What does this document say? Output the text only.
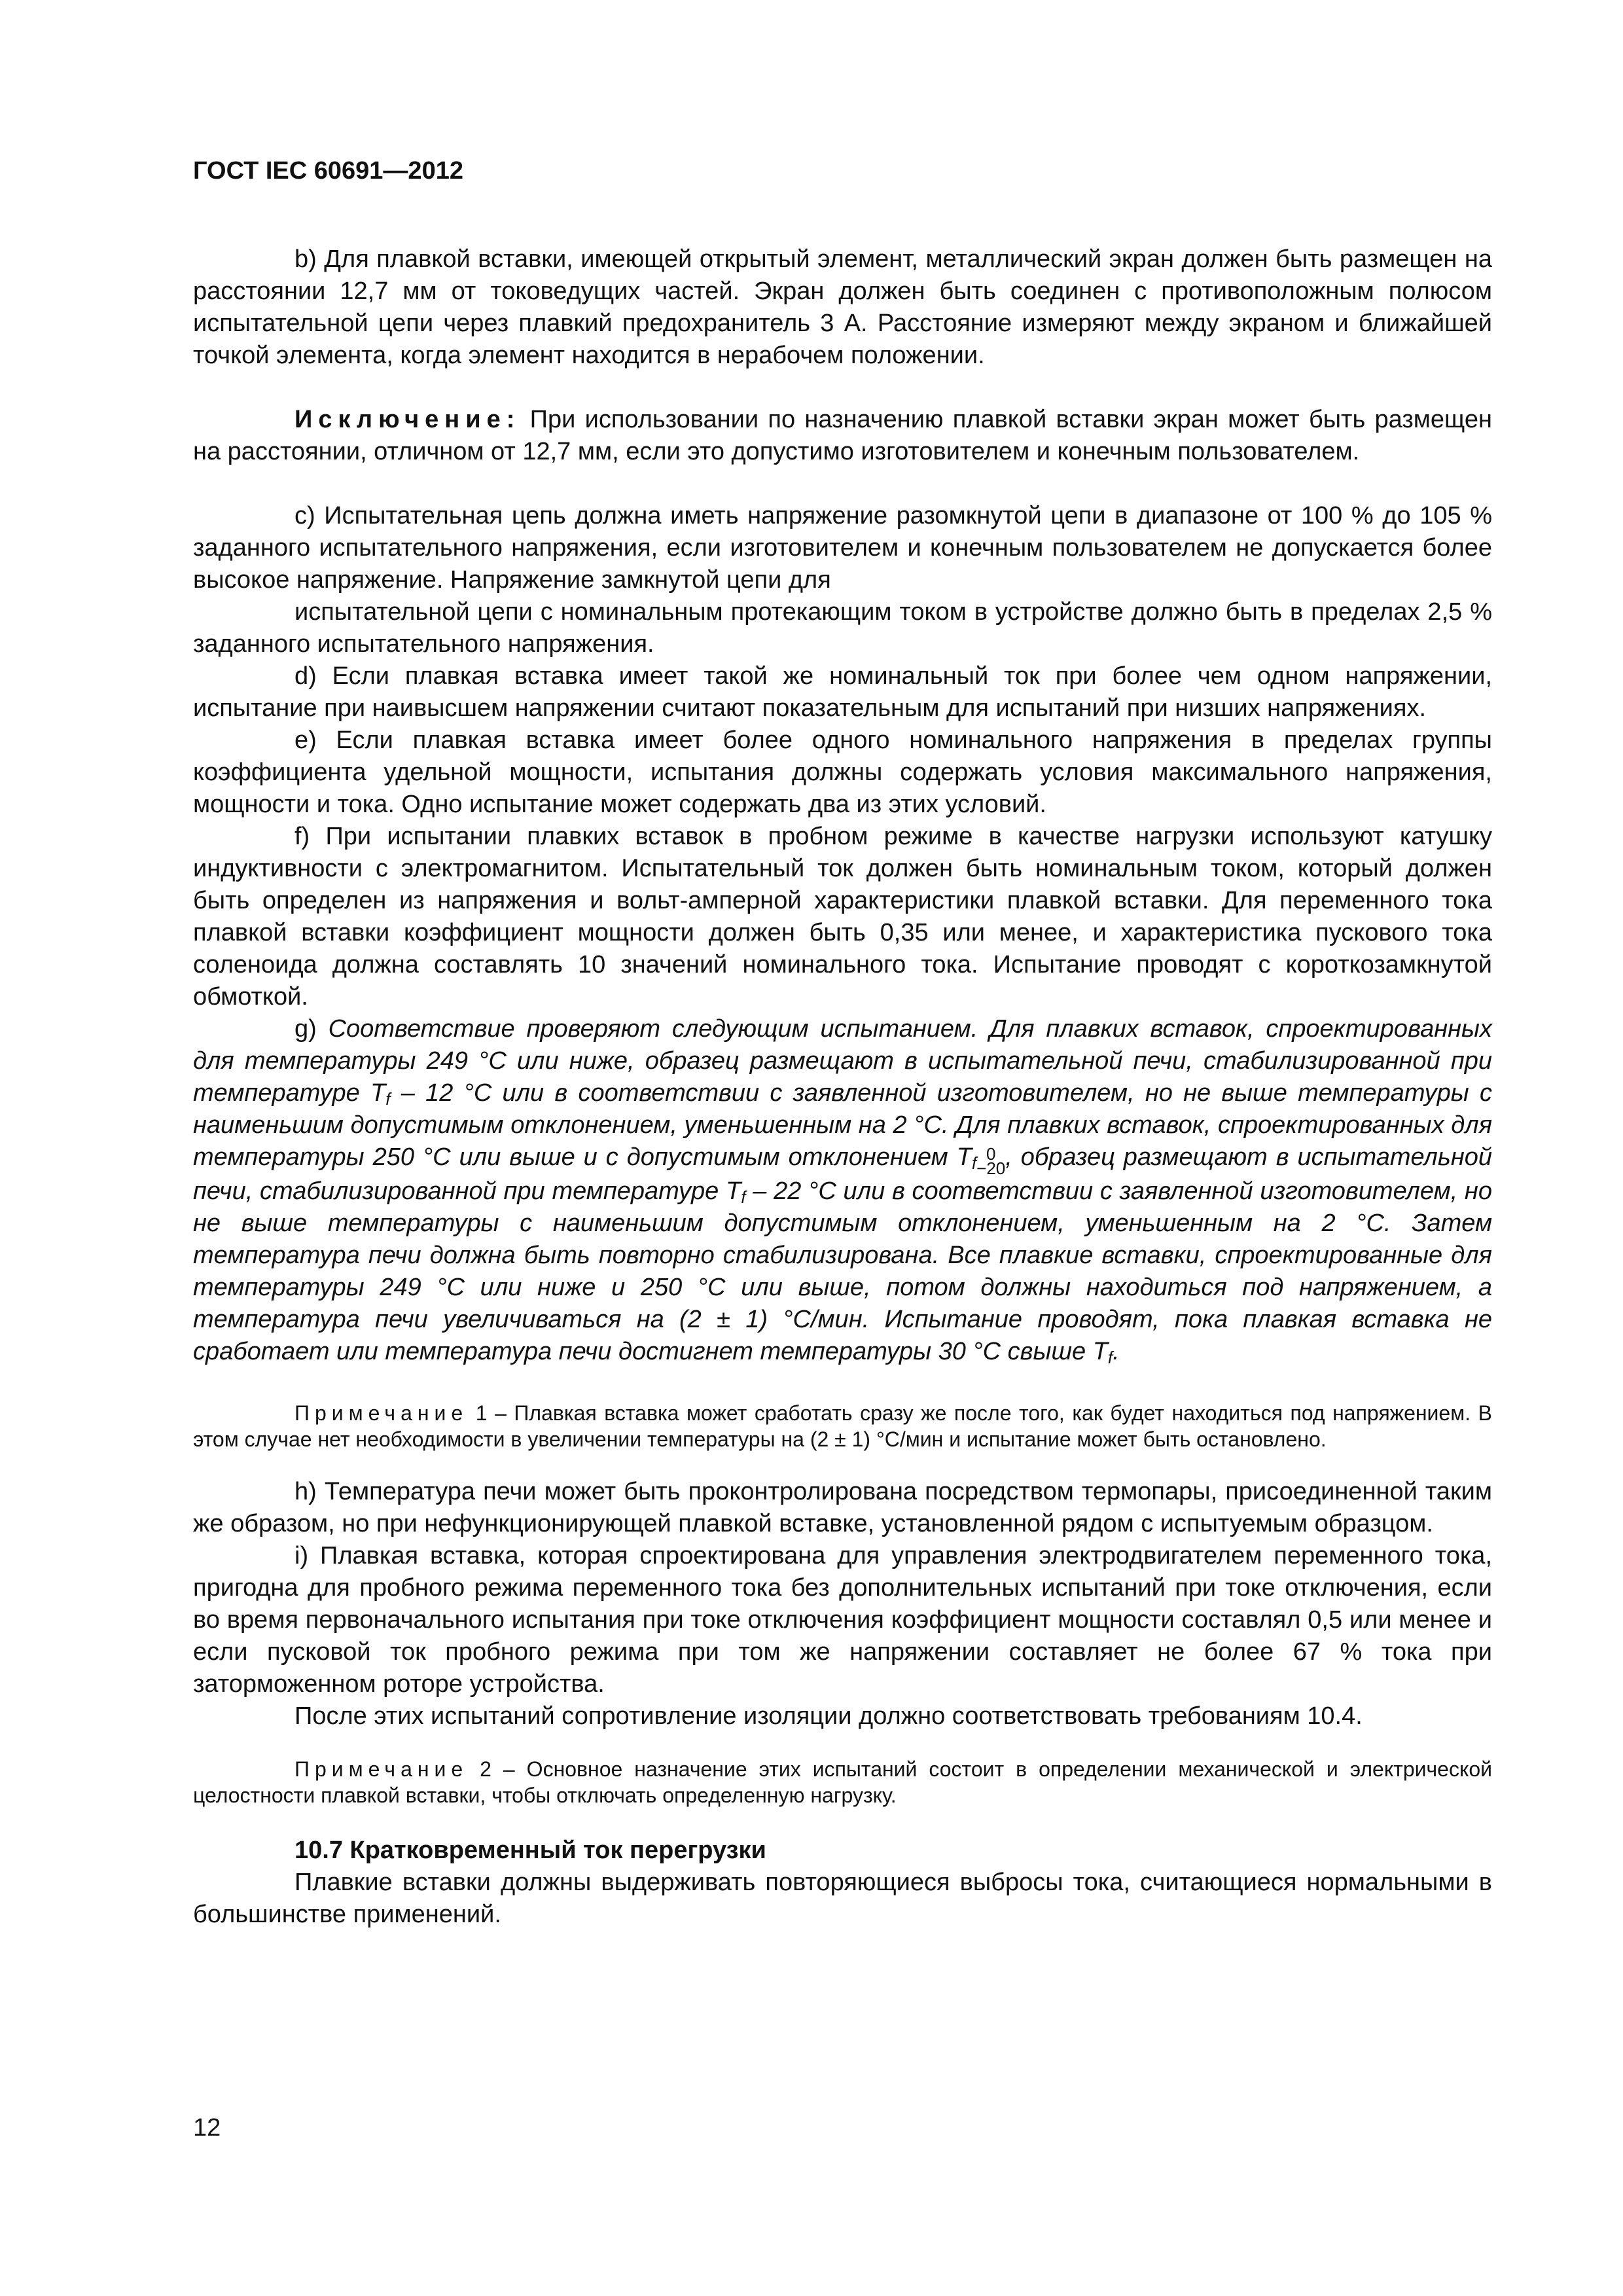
ГОСТ IEC 60691—2012

b) Для плавкой вставки, имеющей открытый элемент, металлический экран должен быть размещен на расстоянии 12,7 мм от токоведущих частей. Экран должен быть соединен с противоположным полюсом испытательной цепи через плавкий предохранитель 3 А. Расстояние измеряют между экраном и ближайшей точкой элемента, когда элемент находится в нерабочем положении.

Исключение: При использовании по назначению плавкой вставки экран может быть размещен на расстоянии, отличном от 12,7 мм, если это допустимо изготовителем и конечным пользователем.

с) Испытательная цепь должна иметь напряжение разомкнутой цепи в диапазоне от 100 % до 105 % заданного испытательного напряжения, если изготовителем и конечным пользователем не допускается более высокое напряжение. Напряжение замкнутой цепи для

испытательной цепи с номинальным протекающим током в устройстве должно быть в пределах 2,5 % заданного испытательного напряжения.

d) Если плавкая вставка имеет такой же номинальный ток при более чем одном напряжении, испытание при наивысшем напряжении считают показательным для испытаний при низших напряжениях.

е) Если плавкая вставка имеет более одного номинального напряжения в пределах группы коэффициента удельной мощности, испытания должны содержать условия максимального напряжения, мощности и тока. Одно испытание может содержать два из этих условий.

f) При испытании плавких вставок в пробном режиме в качестве нагрузки используют катушку индуктивности с электромагнитом. Испытательный ток должен быть номинальным током, который должен быть определен из напряжения и вольт-амперной характеристики плавкой вставки. Для переменного тока плавкой вставки коэффициент мощности должен быть 0,35 или менее, и характеристика пускового тока соленоида должна составлять 10 значений номинального тока. Испытание проводят с короткозамкнутой обмоткой.

g) Соответствие проверяют следующим испытанием. Для плавких вставок, спроектированных для температуры 249 °С или ниже, образец размещают в испытательной печи, стабилизированной при температуре $T_f - 12$ °С или в соответствии с заявленной изготовителем, но не выше температуры с наименьшим допустимым отклонением, уменьшенным на 2 °С. Для плавких вставок, спроектированных для температуры 250 °С или выше и с допустимым отклонением $T_f$ 0
−20 , образец размещают в испытательной печи, стабилизированной при температуре $T_f - 22$ °С или в соответствии с заявленной изготовителем, но не выше температуры с наименьшим допустимым отклонением, уменьшенным на 2 °С. Затем температура печи должна быть повторно стабилизирована. Все плавкие вставки, спроектированные для температуры 249 °С или ниже и 250 °С или выше, потом должны находиться под напряжением, а температура печи увеличиваться на (2 ± 1) °С/мин. Испытание проводят, пока плавкая вставка не сработает или температура печи достигнет температуры 30 °С свыше $T_f$.

Примечание 1 – Плавкая вставка может сработать сразу же после того, как будет находиться под напряжением. В этом случае нет необходимости в увеличении температуры на (2 ± 1) °С/мин и испытание может быть остановлено.

h) Температура печи может быть проконтролирована посредством термопары, присоединенной таким же образом, но при нефункционирующей плавкой вставке, установленной рядом с испытуемым образцом.

i) Плавкая вставка, которая спроектирована для управления электродвигателем переменного тока, пригодна для пробного режима переменного тока без дополнительных испытаний при токе отключения, если во время первоначального испытания при токе отключения коэффициент мощности составлял 0,5 или менее и если пусковой ток пробного режима при том же напряжении составляет не более 67 % тока при заторможенном роторе устройства.

После этих испытаний сопротивление изоляции должно соответствовать требованиям 10.4.

Примечание 2 – Основное назначение этих испытаний состоит в определении механической и электрической целостности плавкой вставки, чтобы отключать определенную нагрузку.

10.7 Кратковременный ток перегрузки

Плавкие вставки должны выдерживать повторяющиеся выбросы тока, считающиеся нормальными в большинстве применений.

12
